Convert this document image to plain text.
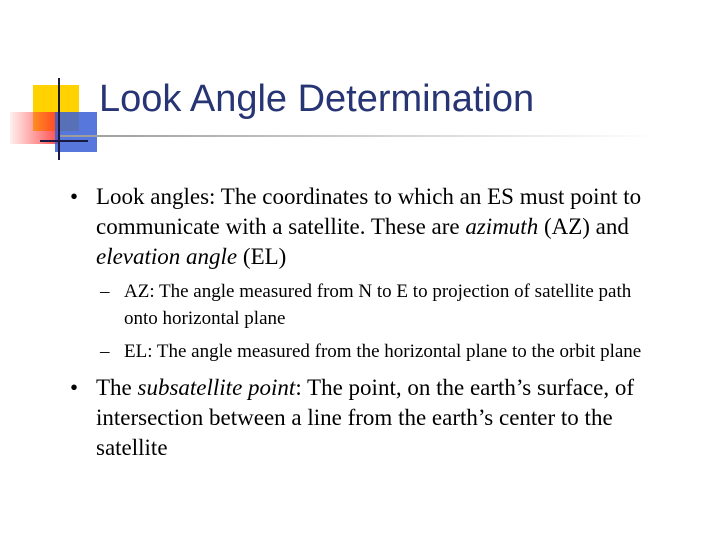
Look Angle Determination

• Look angles: The coordinates to which an ES must point to communicate with a satellite. These are azimuth (AZ) and elevation angle (EL)

– AZ: The angle measured from N to E to projection of satellite path onto horizontal plane

– EL: The angle measured from the horizontal plane to the orbit plane

• The subsatellite point: The point, on the earth’s surface, of intersection between a line from the earth’s center to the satellite
